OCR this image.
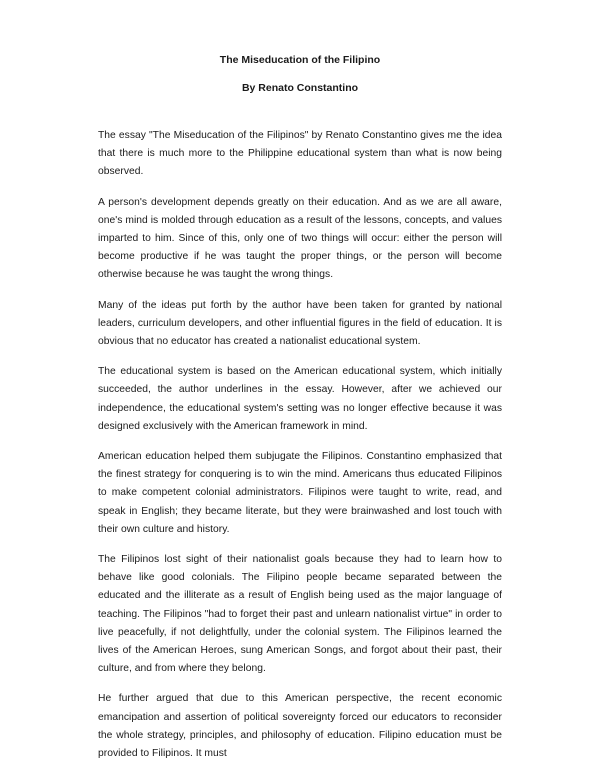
The Miseducation of the Filipino
By Renato Constantino

The essay "The Miseducation of the Filipinos" by Renato Constantino gives me the idea that there is much more to the Philippine educational system than what is now being observed.

A person's development depends greatly on their education. And as we are all aware, one's mind is molded through education as a result of the lessons, concepts, and values imparted to him. Since of this, only one of two things will occur: either the person will become productive if he was taught the proper things, or the person will become otherwise because he was taught the wrong things.

Many of the ideas put forth by the author have been taken for granted by national leaders, curriculum developers, and other influential figures in the field of education. It is obvious that no educator has created a nationalist educational system.

The educational system is based on the American educational system, which initially succeeded, the author underlines in the essay. However, after we achieved our independence, the educational system's setting was no longer effective because it was designed exclusively with the American framework in mind.

American education helped them subjugate the Filipinos. Constantino emphasized that the finest strategy for conquering is to win the mind. Americans thus educated Filipinos to make competent colonial administrators. Filipinos were taught to write, read, and speak in English; they became literate, but they were brainwashed and lost touch with their own culture and history.

The Filipinos lost sight of their nationalist goals because they had to learn how to behave like good colonials. The Filipino people became separated between the educated and the illiterate as a result of English being used as the major language of teaching. The Filipinos "had to forget their past and unlearn nationalist virtue" in order to live peacefully, if not delightfully, under the colonial system. The Filipinos learned the lives of the American Heroes, sung American Songs, and forgot about their past, their culture, and from where they belong.

He further argued that due to this American perspective, the recent economic emancipation and assertion of political sovereignty forced our educators to reconsider the whole strategy, principles, and philosophy of education. Filipino education must be provided to Filipinos. It must
